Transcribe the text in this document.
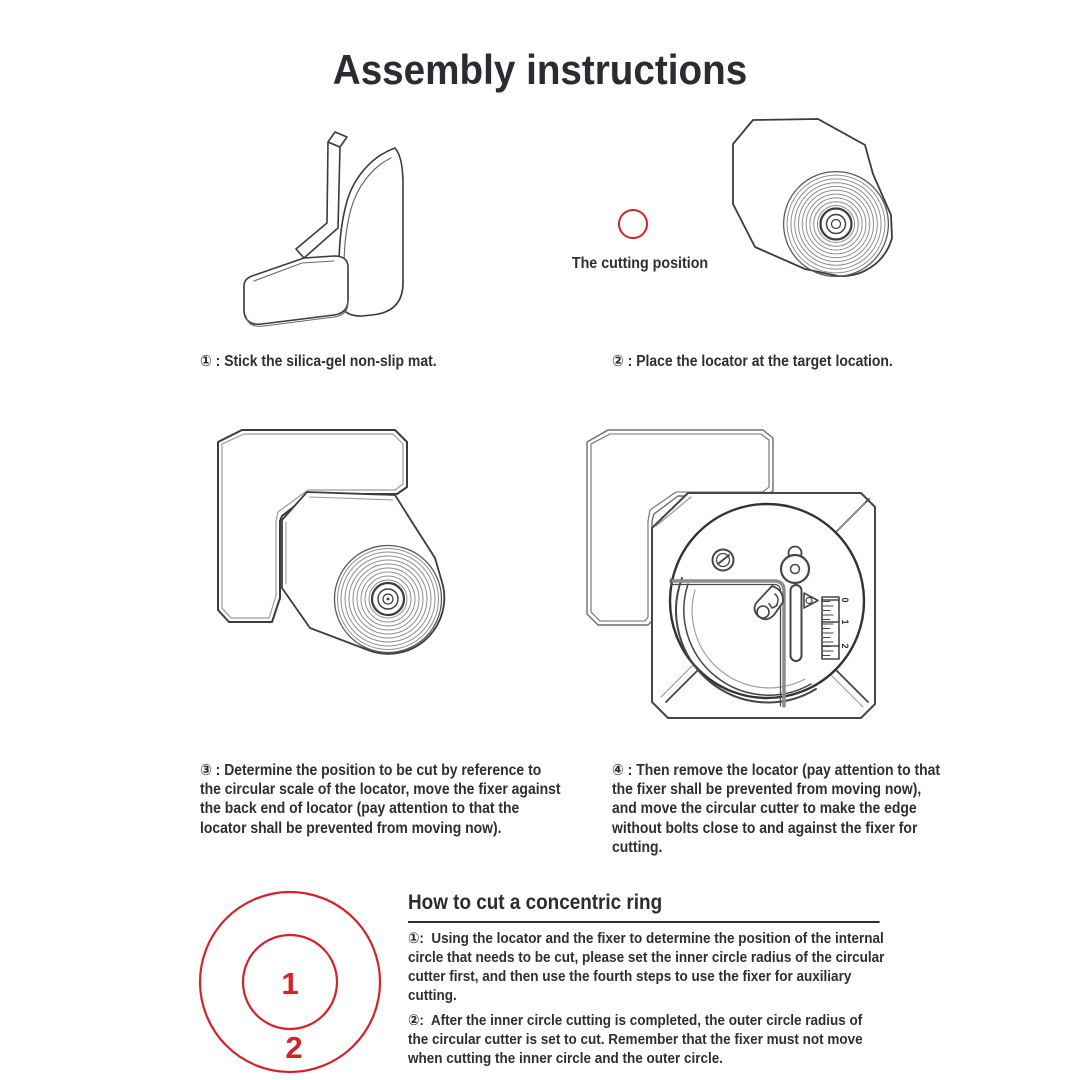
Assembly instructions
The cutting position
① : Stick the silica-gel non-slip mat.	② : Place the locator at the target location.
0
1
2
③ : Determine the position to be cut by reference to the circular scale of the locator, move the fixer against the back end of locator (pay attention to that the locator shall be prevented from moving now).
④ : Then remove the locator (pay attention to that the fixer shall be prevented from moving now), and move the circular cutter to make the edge without bolts close to and against the fixer for cutting.
1
2
How to cut a concentric ring

①:  Using the locator and the fixer to determine the position of the internal circle that needs to be cut, please set the inner circle radius of the circular cutter first, and then use the fourth steps to use the fixer for auxiliary cutting.

②:  After the inner circle cutting is completed, the outer circle radius of the circular cutter is set to cut. Remember that the fixer must not move when cutting the inner circle and the outer circle.
